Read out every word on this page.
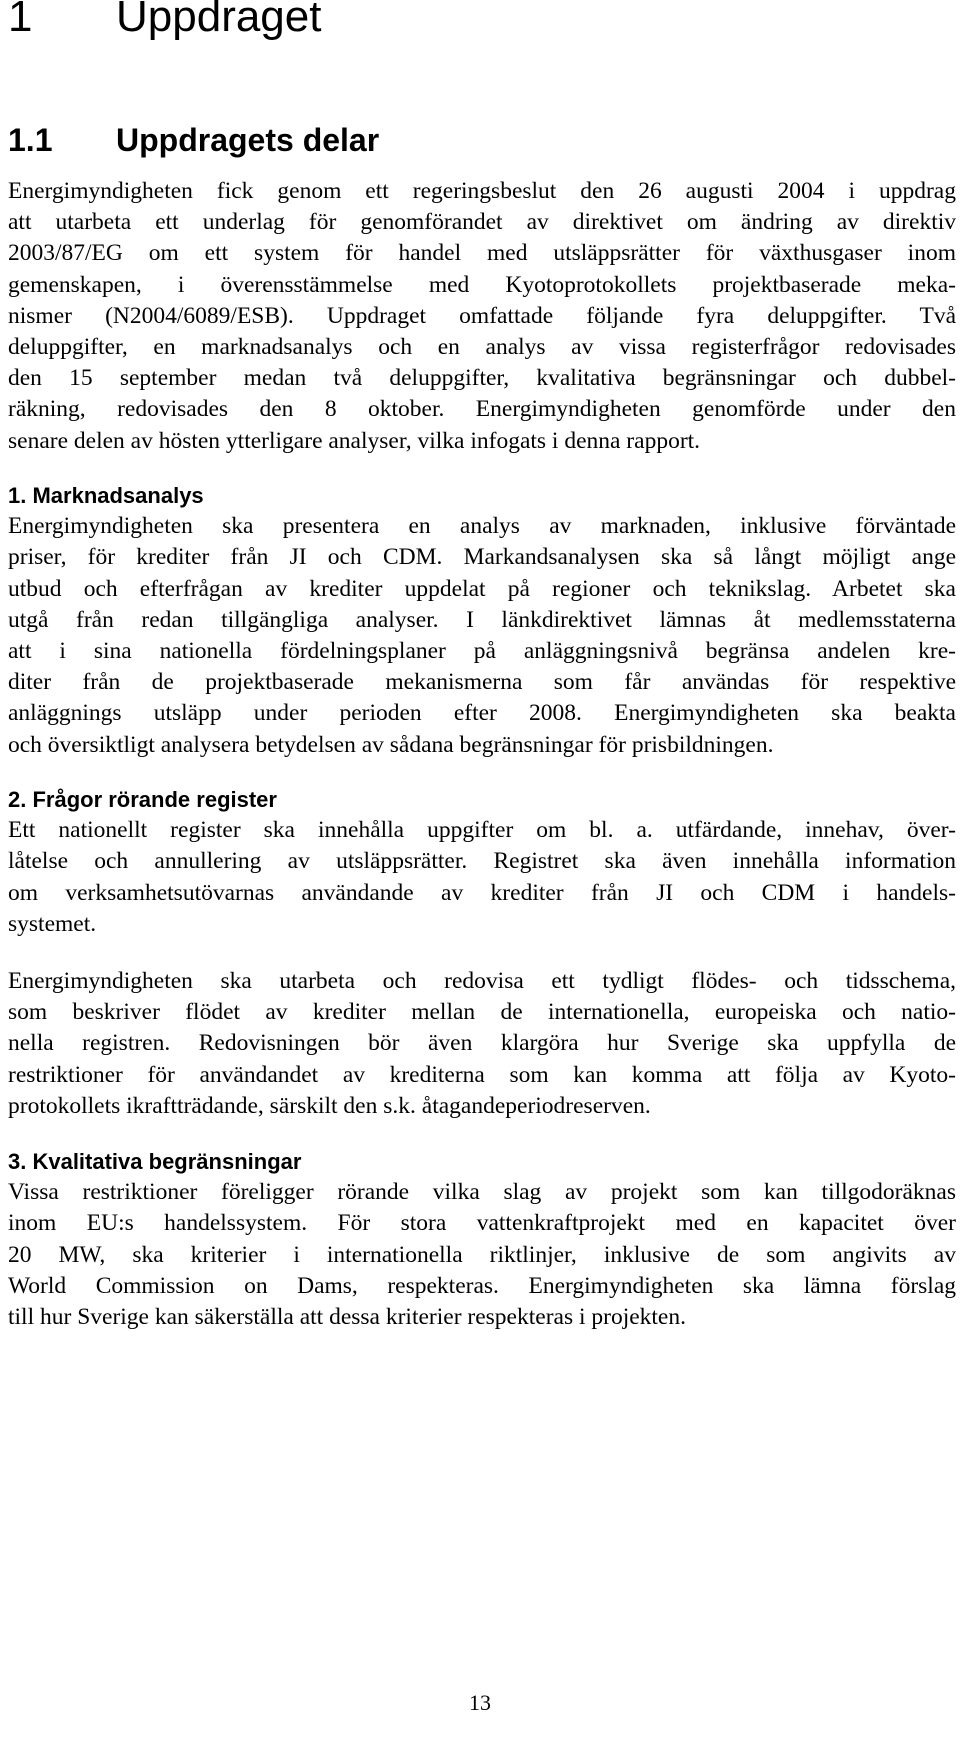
1 Uppdraget
1.1 Uppdragets delar
Energimyndigheten fick genom ett regeringsbeslut den 26 augusti 2004 i uppdrag
att utarbeta ett underlag för genomförandet av direktivet om ändring av direktiv
2003/87/EG om ett system för handel med utsläppsrätter för växthusgaser inom
gemenskapen, i överensstämmelse med Kyotoprotokollets projektbaserade meka-
nismer (N2004/6089/ESB). Uppdraget omfattade följande fyra deluppgifter. Två
deluppgifter, en marknadsanalys och en analys av vissa registerfrågor redovisades
den 15 september medan två deluppgifter, kvalitativa begränsningar och dubbel-
räkning, redovisades den 8 oktober. Energimyndigheten genomförde under den
senare delen av hösten ytterligare analyser, vilka infogats i denna rapport.
1. Marknadsanalys
Energimyndigheten ska presentera en analys av marknaden, inklusive förväntade
priser, för krediter från JI och CDM. Markandsanalysen ska så långt möjligt ange
utbud och efterfrågan av krediter uppdelat på regioner och teknikslag. Arbetet ska
utgå från redan tillgängliga analyser. I länkdirektivet lämnas åt medlemsstaterna
att i sina nationella fördelningsplaner på anläggningsnivå begränsa andelen kre-
diter från de projektbaserade mekanismerna som får användas för respektive
anläggnings utsläpp under perioden efter 2008. Energimyndigheten ska beakta
och översiktligt analysera betydelsen av sådana begränsningar för prisbildningen.
2. Frågor rörande register
Ett nationellt register ska innehålla uppgifter om bl. a. utfärdande, innehav, över-
låtelse och annullering av utsläppsrätter. Registret ska även innehålla information
om verksamhetsutövarnas användande av krediter från JI och CDM i handels-
systemet.
Energimyndigheten ska utarbeta och redovisa ett tydligt flödes- och tidsschema,
som beskriver flödet av krediter mellan de internationella, europeiska och natio-
nella registren. Redovisningen bör även klargöra hur Sverige ska uppfylla de
restriktioner för användandet av krediterna som kan komma att följa av Kyoto-
protokollets ikraftträdande, särskilt den s.k. åtagandeperiodreserven.
3. Kvalitativa begränsningar
Vissa restriktioner föreligger rörande vilka slag av projekt som kan tillgodoräknas
inom EU:s handelssystem. För stora vattenkraftprojekt med en kapacitet över
20 MW, ska kriterier i internationella riktlinjer, inklusive de som angivits av
World Commission on Dams, respekteras. Energimyndigheten ska lämna förslag
till hur Sverige kan säkerställa att dessa kriterier respekteras i projekten.
13
